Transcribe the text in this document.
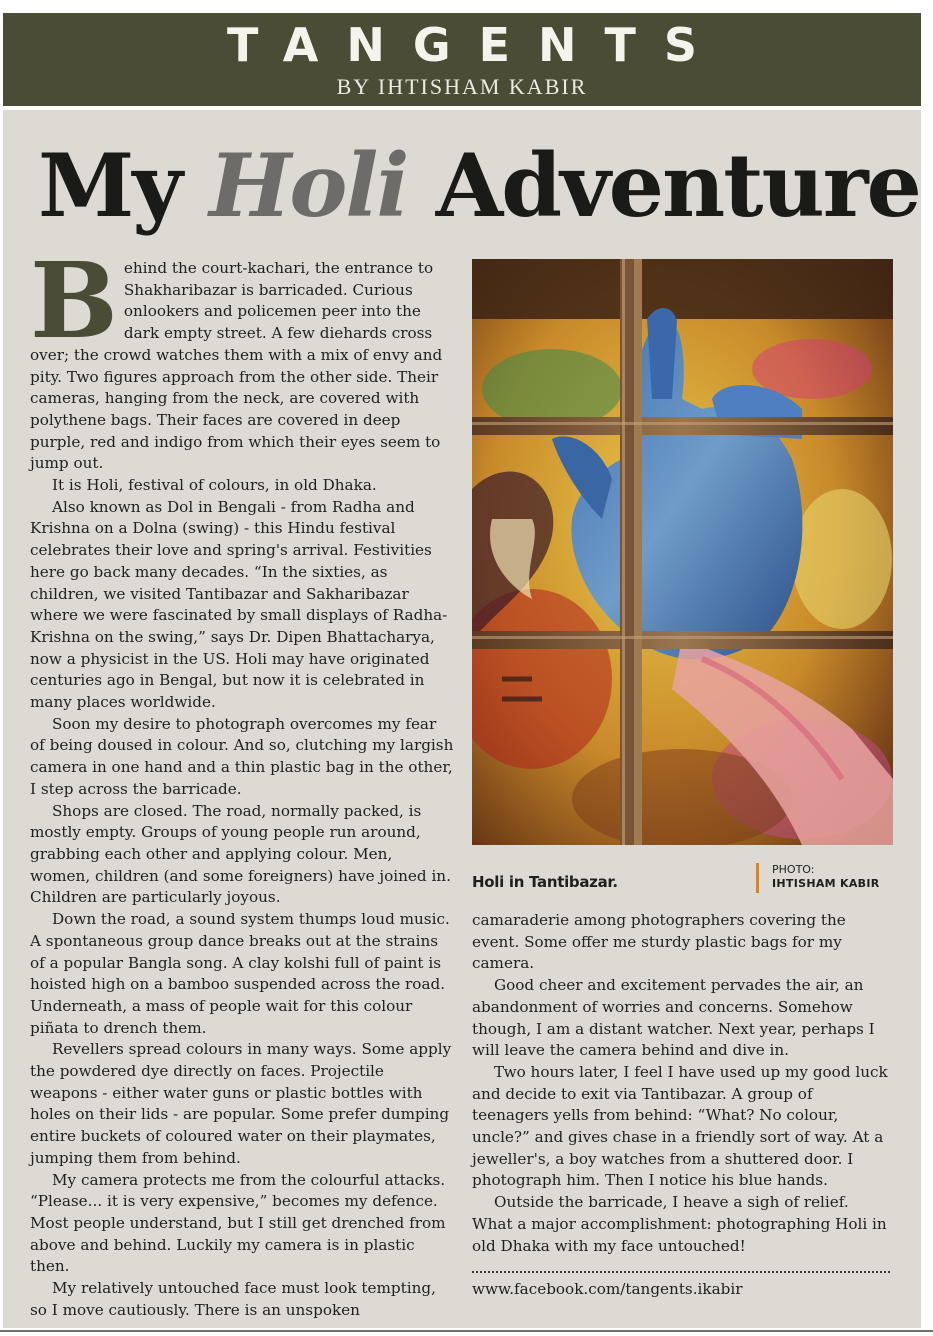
TANGENTS
BY IHTISHAM KABIR
My Holi Adventure

Behind the court-kachari, the entrance to Shakharibazar is barricaded. Curious onlookers and policemen peer into the dark empty street. A few diehards cross over; the crowd watches them with a mix of envy and pity. Two figures approach from the other side. Their cameras, hanging from the neck, are covered with polythene bags. Their faces are covered in deep purple, red and indigo from which their eyes seem to jump out.

It is Holi, festival of colours, in old Dhaka.

Also known as Dol in Bengali - from Radha and Krishna on a Dolna (swing) - this Hindu festival celebrates their love and spring's arrival. Festivities here go back many decades. “In the sixties, as children, we visited Tantibazar and Sakharibazar where we were fascinated by small displays of Radha-Krishna on the swing,” says Dr. Dipen Bhattacharya, now a physicist in the US. Holi may have originated centuries ago in Bengal, but now it is celebrated in many places worldwide.

Soon my desire to photograph overcomes my fear of being doused in colour. And so, clutching my largish camera in one hand and a thin plastic bag in the other, I step across the barricade.

Shops are closed. The road, normally packed, is mostly empty. Groups of young people run around, grabbing each other and applying colour. Men, women, children (and some foreigners) have joined in. Children are particularly joyous.

Down the road, a sound system thumps loud music. A spontaneous group dance breaks out at the strains of a popular Bangla song. A clay kolshi full of paint is hoisted high on a bamboo suspended across the road. Underneath, a mass of people wait for this colour piñata to drench them.

Revellers spread colours in many ways. Some apply the powdered dye directly on faces. Projectile weapons - either water guns or plastic bottles with holes on their lids - are popular. Some prefer dumping entire buckets of coloured water on their playmates, jumping them from behind.

My camera protects me from the colourful attacks. “Please... it is very expensive,” becomes my defence. Most people understand, but I still get drenched from above and behind. Luckily my camera is in plastic then.

My relatively untouched face must look tempting, so I move cautiously. There is an unspoken

Holi in Tantibazar.
PHOTO:
IHTISHAM KABIR

camaraderie among photographers covering the event. Some offer me sturdy plastic bags for my camera.

Good cheer and excitement pervades the air, an abandonment of worries and concerns. Somehow though, I am a distant watcher. Next year, perhaps I will leave the camera behind and dive in.

Two hours later, I feel I have used up my good luck and decide to exit via Tantibazar. A group of teenagers yells from behind: “What? No colour, uncle?” and gives chase in a friendly sort of way. At a jeweller's, a boy watches from a shuttered door. I photograph him. Then I notice his blue hands.

Outside the barricade, I heave a sigh of relief. What a major accomplishment: photographing Holi in old Dhaka with my face untouched!

www.facebook.com/tangents.ikabir
